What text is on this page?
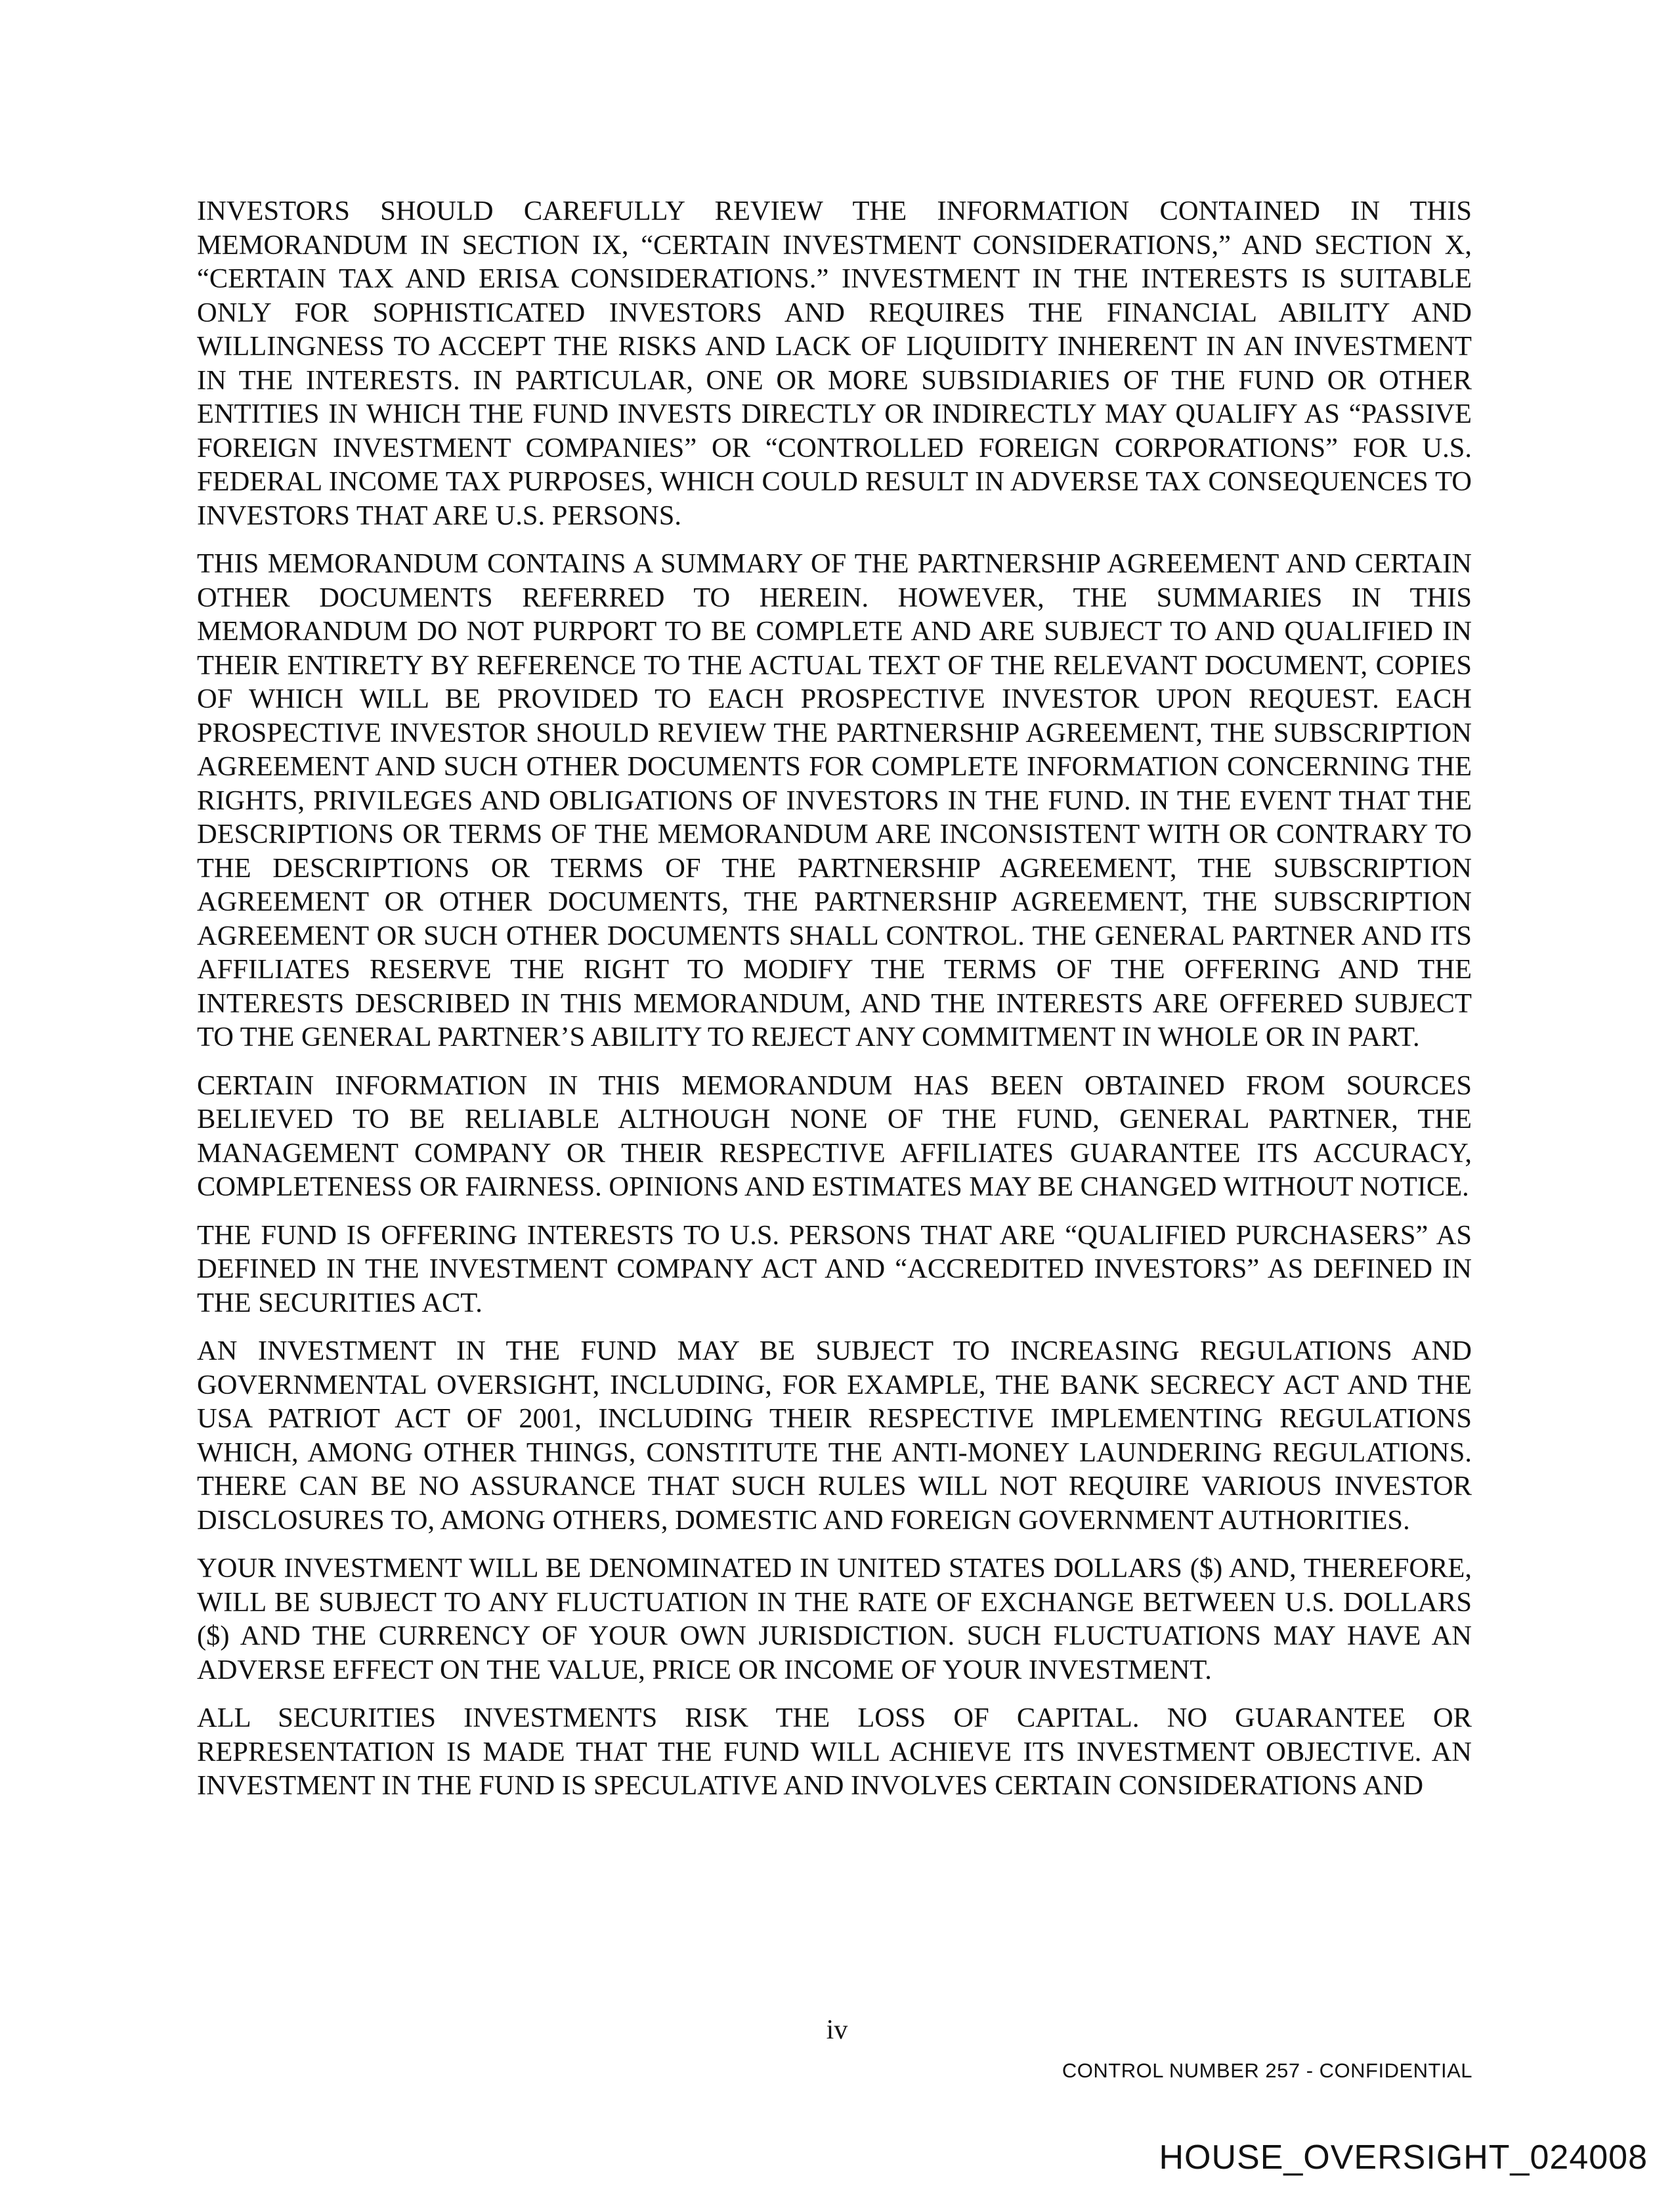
INVESTORS SHOULD CAREFULLY REVIEW THE INFORMATION CONTAINED IN THIS MEMORANDUM IN SECTION IX, “CERTAIN INVESTMENT CONSIDERATIONS,” AND SECTION X, “CERTAIN TAX AND ERISA CONSIDERATIONS.” INVESTMENT IN THE INTERESTS IS SUITABLE ONLY FOR SOPHISTICATED INVESTORS AND REQUIRES THE FINANCIAL ABILITY AND WILLINGNESS TO ACCEPT THE RISKS AND LACK OF LIQUIDITY INHERENT IN AN INVESTMENT IN THE INTERESTS. IN PARTICULAR, ONE OR MORE SUBSIDIARIES OF THE FUND OR OTHER ENTITIES IN WHICH THE FUND INVESTS DIRECTLY OR INDIRECTLY MAY QUALIFY AS “PASSIVE FOREIGN INVESTMENT COMPANIES” OR “CONTROLLED FOREIGN CORPORATIONS” FOR U.S. FEDERAL INCOME TAX PURPOSES, WHICH COULD RESULT IN ADVERSE TAX CONSEQUENCES TO INVESTORS THAT ARE U.S. PERSONS.

THIS MEMORANDUM CONTAINS A SUMMARY OF THE PARTNERSHIP AGREEMENT AND CERTAIN OTHER DOCUMENTS REFERRED TO HEREIN. HOWEVER, THE SUMMARIES IN THIS MEMORANDUM DO NOT PURPORT TO BE COMPLETE AND ARE SUBJECT TO AND QUALIFIED IN THEIR ENTIRETY BY REFERENCE TO THE ACTUAL TEXT OF THE RELEVANT DOCUMENT, COPIES OF WHICH WILL BE PROVIDED TO EACH PROSPECTIVE INVESTOR UPON REQUEST. EACH PROSPECTIVE INVESTOR SHOULD REVIEW THE PARTNERSHIP AGREEMENT, THE SUBSCRIPTION AGREEMENT AND SUCH OTHER DOCUMENTS FOR COMPLETE INFORMATION CONCERNING THE RIGHTS, PRIVILEGES AND OBLIGATIONS OF INVESTORS IN THE FUND. IN THE EVENT THAT THE DESCRIPTIONS OR TERMS OF THE MEMORANDUM ARE INCONSISTENT WITH OR CONTRARY TO THE DESCRIPTIONS OR TERMS OF THE PARTNERSHIP AGREEMENT, THE SUBSCRIPTION AGREEMENT OR OTHER DOCUMENTS, THE PARTNERSHIP AGREEMENT, THE SUBSCRIPTION AGREEMENT OR SUCH OTHER DOCUMENTS SHALL CONTROL. THE GENERAL PARTNER AND ITS AFFILIATES RESERVE THE RIGHT TO MODIFY THE TERMS OF THE OFFERING AND THE INTERESTS DESCRIBED IN THIS MEMORANDUM, AND THE INTERESTS ARE OFFERED SUBJECT TO THE GENERAL PARTNER’S ABILITY TO REJECT ANY COMMITMENT IN WHOLE OR IN PART.

CERTAIN INFORMATION IN THIS MEMORANDUM HAS BEEN OBTAINED FROM SOURCES BELIEVED TO BE RELIABLE ALTHOUGH NONE OF THE FUND, GENERAL PARTNER, THE MANAGEMENT COMPANY OR THEIR RESPECTIVE AFFILIATES GUARANTEE ITS ACCURACY, COMPLETENESS OR FAIRNESS. OPINIONS AND ESTIMATES MAY BE CHANGED WITHOUT NOTICE.

THE FUND IS OFFERING INTERESTS TO U.S. PERSONS THAT ARE “QUALIFIED PURCHASERS” AS DEFINED IN THE INVESTMENT COMPANY ACT AND “ACCREDITED INVESTORS” AS DEFINED IN THE SECURITIES ACT.

AN INVESTMENT IN THE FUND MAY BE SUBJECT TO INCREASING REGULATIONS AND GOVERNMENTAL OVERSIGHT, INCLUDING, FOR EXAMPLE, THE BANK SECRECY ACT AND THE USA PATRIOT ACT OF 2001, INCLUDING THEIR RESPECTIVE IMPLEMENTING REGULATIONS WHICH, AMONG OTHER THINGS, CONSTITUTE THE ANTI-MONEY LAUNDERING REGULATIONS. THERE CAN BE NO ASSURANCE THAT SUCH RULES WILL NOT REQUIRE VARIOUS INVESTOR DISCLOSURES TO, AMONG OTHERS, DOMESTIC AND FOREIGN GOVERNMENT AUTHORITIES.

YOUR INVESTMENT WILL BE DENOMINATED IN UNITED STATES DOLLARS ($) AND, THEREFORE, WILL BE SUBJECT TO ANY FLUCTUATION IN THE RATE OF EXCHANGE BETWEEN U.S. DOLLARS ($) AND THE CURRENCY OF YOUR OWN JURISDICTION. SUCH FLUCTUATIONS MAY HAVE AN ADVERSE EFFECT ON THE VALUE, PRICE OR INCOME OF YOUR INVESTMENT.

ALL SECURITIES INVESTMENTS RISK THE LOSS OF CAPITAL. NO GUARANTEE OR REPRESENTATION IS MADE THAT THE FUND WILL ACHIEVE ITS INVESTMENT OBJECTIVE. AN INVESTMENT IN THE FUND IS SPECULATIVE AND INVOLVES CERTAIN CONSIDERATIONS AND

iv
CONTROL NUMBER 257 - CONFIDENTIAL
HOUSE_OVERSIGHT_024008
